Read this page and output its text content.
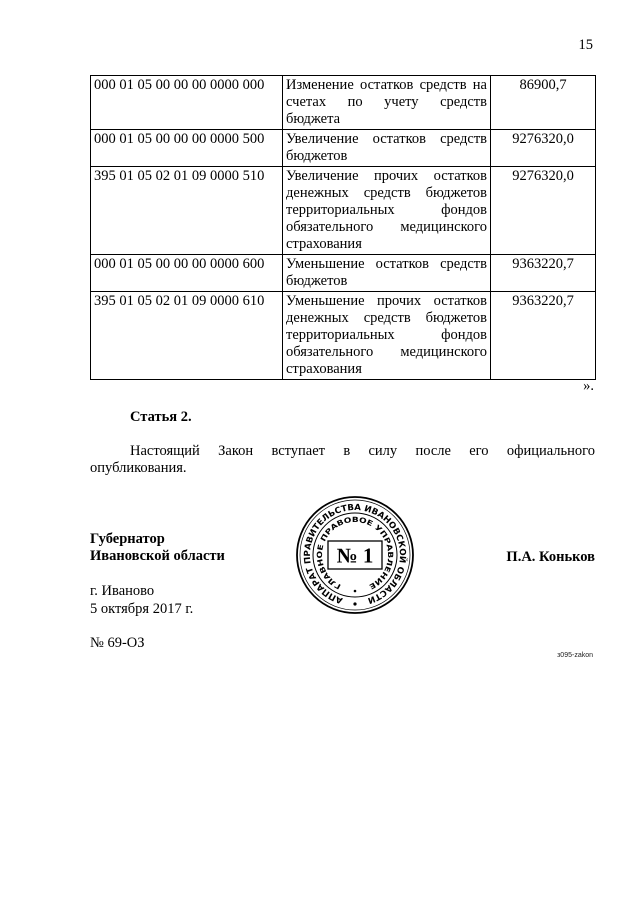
15
000 01 05 00 00 00 0000 000	Изменение остатков средств на
счетах по учету средств
бюджета	86900,7
000 01 05 00 00 00 0000 500	Увеличение остатков средств
бюджетов	9276320,0
395 01 05 02 01 09 0000 510	Увеличение прочих остатков
денежных средств бюджетов
территориальных фондов
обязательного медицинского
страхования	9276320,0
000 01 05 00 00 00 0000 600	Уменьшение остатков средств
бюджетов	9363220,7
395 01 05 02 01 09 0000 610	Уменьшение прочих остатков
денежных средств бюджетов
территориальных фондов
обязательного медицинского
страхования	9363220,7
».
Статья 2.
Настоящий Закон вступает в силу после его официального
опубликования.
Губернатор
Ивановской области
АППАРАТ ПРАВИТЕЛЬСТВА ИВАНОВСКОЙ ОБЛАСТИ
ГЛАВНОЕ ПРАВОВОЕ УПРАВЛЕНИЕ
№ 1	П.А. Коньков
г. Иваново
5 октября 2017 г.
№ 69-ОЗ
з095-zakon
